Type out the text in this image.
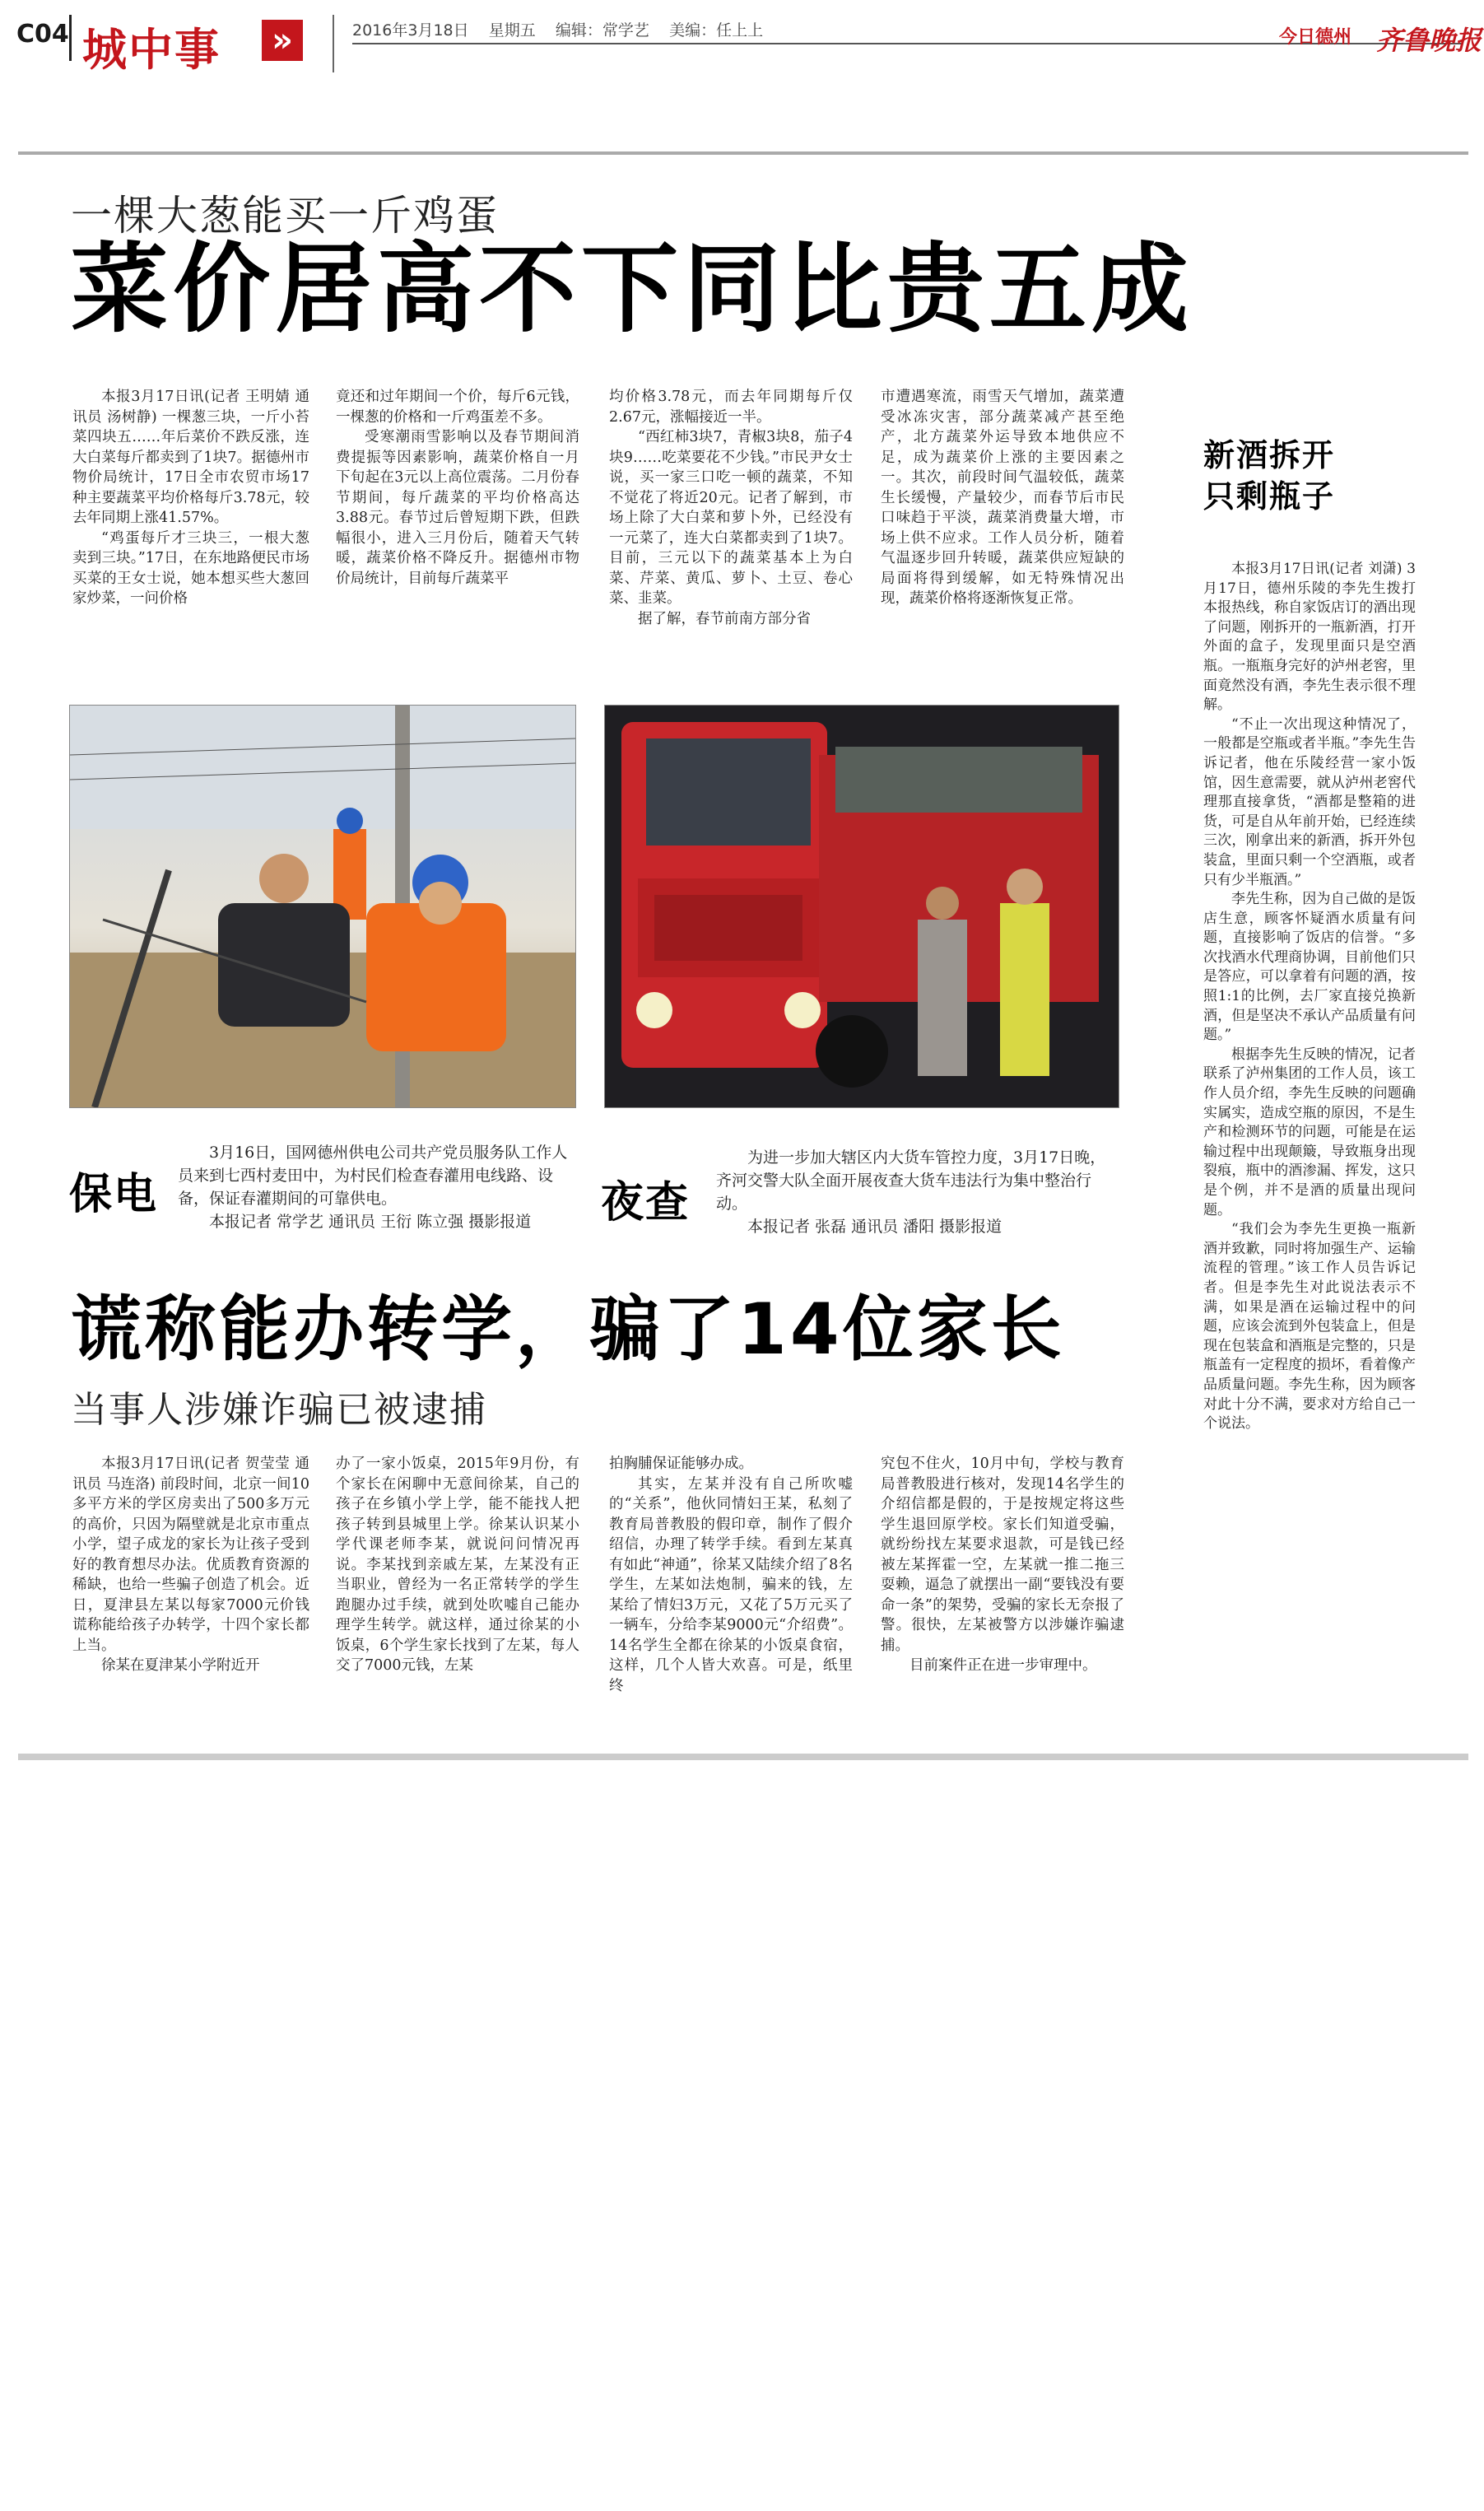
C04 城中事	»	2016年3月18日    星期五    编辑：常学艺    美编：任上上	今日德州 齐鲁晚报
一棵大葱能买一斤鸡蛋
菜价居高不下同比贵五成

本报3月17日讯(记者 王明婧 通讯员 汤树静) 一棵葱三块，一斤小苔菜四块五……年后菜价不跌反涨，连大白菜每斤都卖到了1块7。据德州市物价局统计，17日全市农贸市场17种主要蔬菜平均价格每斤3.78元，较去年同期上涨41.57%。

“鸡蛋每斤才三块三，一根大葱卖到三块。”17日，在东地路便民市场买菜的王女士说，她本想买些大葱回家炒菜，一问价格

竟还和过年期间一个价，每斤6元钱，一棵葱的价格和一斤鸡蛋差不多。

受寒潮雨雪影响以及春节期间消费提振等因素影响，蔬菜价格自一月下旬起在3元以上高位震荡。二月份春节期间，每斤蔬菜的平均价格高达3.88元。春节过后曾短期下跌，但跌幅很小，进入三月份后，随着天气转暖，蔬菜价格不降反升。据德州市物价局统计，目前每斤蔬菜平

均价格3.78元，而去年同期每斤仅2.67元，涨幅接近一半。

“西红柿3块7，青椒3块8，茄子4块9……吃菜要花不少钱。”市民尹女士说，买一家三口吃一顿的蔬菜，不知不觉花了将近20元。记者了解到，市场上除了大白菜和萝卜外，已经没有一元菜了，连大白菜都卖到了1块7。目前，三元以下的蔬菜基本上为白菜、芹菜、黄瓜、萝卜、土豆、卷心菜、韭菜。

据了解，春节前南方部分省

市遭遇寒流，雨雪天气增加，蔬菜遭受冰冻灾害，部分蔬菜减产甚至绝产，北方蔬菜外运导致本地供应不足，成为蔬菜价上涨的主要因素之一。其次，前段时间气温较低，蔬菜生长缓慢，产量较少，而春节后市民口味趋于平淡，蔬菜消费量大增，市场上供不应求。工作人员分析，随着气温逐步回升转暖，蔬菜供应短缺的局面将得到缓解，如无特殊情况出现，蔬菜价格将逐渐恢复正常。

保电

3月16日，国网德州供电公司共产党员服务队工作人员来到七西村麦田中，为村民们检查春灌用电线路、设备，保证春灌期间的可靠供电。

本报记者 常学艺 通讯员 王衍 陈立强 摄影报道	夜查

为进一步加大辖区内大货车管控力度，3月17日晚，齐河交警大队全面开展夜查大货车违法行为集中整治行动。

本报记者 张磊 通讯员 潘阳 摄影报道

谎称能办转学，骗了14位家长
当事人涉嫌诈骗已被逮捕

本报3月17日讯(记者 贺莹莹 通讯员 马连洛) 前段时间，北京一间10多平方米的学区房卖出了500多万元的高价，只因为隔壁就是北京市重点小学，望子成龙的家长为让孩子受到好的教育想尽办法。优质教育资源的稀缺，也给一些骗子创造了机会。近日，夏津县左某以每家7000元价钱谎称能给孩子办转学，十四个家长都上当。

徐某在夏津某小学附近开

办了一家小饭桌，2015年9月份，有个家长在闲聊中无意间徐某，自己的孩子在乡镇小学上学，能不能找人把孩子转到县城里上学。徐某认识某小学代课老师李某，就说问问情况再说。李某找到亲戚左某，左某没有正当职业，曾经为一名正常转学的学生跑腿办过手续，就到处吹嘘自己能办理学生转学。就这样，通过徐某的小饭桌，6个学生家长找到了左某，每人交了7000元钱，左某

拍胸脯保证能够办成。

其实，左某并没有自己所吹嘘的“关系”，他伙同情妇王某，私刻了教育局普教股的假印章，制作了假介绍信，办理了转学手续。看到左某真有如此“神通”，徐某又陆续介绍了8名学生，左某如法炮制，骗来的钱，左某给了情妇3万元，又花了5万元买了一辆车，分给李某9000元“介绍费”。14名学生全都在徐某的小饭桌食宿，这样，几个人皆大欢喜。可是，纸里终

究包不住火，10月中旬，学校与教育局普教股进行核对，发现14名学生的介绍信都是假的，于是按规定将这些学生退回原学校。家长们知道受骗，就纷纷找左某要求退款，可是钱已经被左某挥霍一空，左某就一推二拖三耍赖，逼急了就摆出一副“要钱没有要命一条”的架势，受骗的家长无奈报了警。很快，左某被警方以涉嫌诈骗逮捕。

目前案件正在进一步审理中。

新酒拆开
只剩瓶子

本报3月17日讯(记者 刘潇) 3月17日，德州乐陵的李先生拨打本报热线，称自家饭店订的酒出现了问题，刚拆开的一瓶新酒，打开外面的盒子，发现里面只是空酒瓶。一瓶瓶身完好的泸州老窖，里面竟然没有酒，李先生表示很不理解。

“不止一次出现这种情况了，一般都是空瓶或者半瓶。”李先生告诉记者，他在乐陵经营一家小饭馆，因生意需要，就从泸州老窖代理那直接拿货，“酒都是整箱的进货，可是自从年前开始，已经连续三次，刚拿出来的新酒，拆开外包装盒，里面只剩一个空酒瓶，或者只有少半瓶酒。”

李先生称，因为自己做的是饭店生意，顾客怀疑酒水质量有问题，直接影响了饭店的信誉。“多次找酒水代理商协调，目前他们只是答应，可以拿着有问题的酒，按照1:1的比例，去厂家直接兑换新酒，但是坚决不承认产品质量有问题。”

根据李先生反映的情况，记者联系了泸州集团的工作人员，该工作人员介绍，李先生反映的问题确实属实，造成空瓶的原因，不是生产和检测环节的问题，可能是在运输过程中出现颠簸，导致瓶身出现裂痕，瓶中的酒渗漏、挥发，这只是个例，并不是酒的质量出现问题。

“我们会为李先生更换一瓶新酒并致歉，同时将加强生产、运输流程的管理。”该工作人员告诉记者。但是李先生对此说法表示不满，如果是酒在运输过程中的问题，应该会流到外包装盒上，但是现在包装盒和酒瓶是完整的，只是瓶盖有一定程度的损坏，看着像产品质量问题。李先生称，因为顾客对此十分不满，要求对方给自己一个说法。
